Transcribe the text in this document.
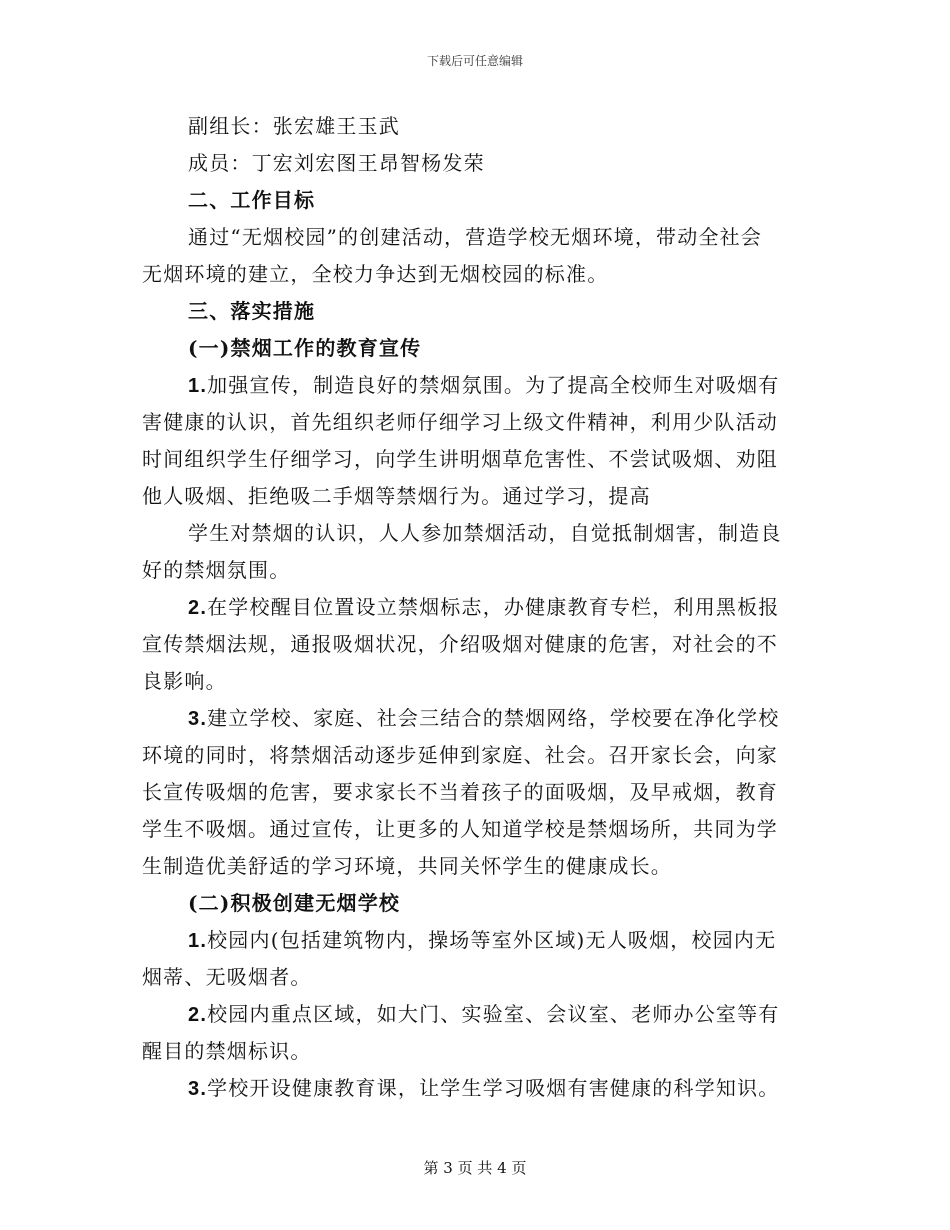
下载后可任意编辑
副组长：张宏雄王玉武
成员：丁宏刘宏图王昂智杨发荣
二、工作目标
通过“无烟校园”的创建活动，营造学校无烟环境，带动全社会
无烟环境的建立，全校力争达到无烟校园的标准。
三、落实措施
(一)禁烟工作的教育宣传
1.加强宣传，制造良好的禁烟氛围。为了提高全校师生对吸烟有
害健康的认识，首先组织老师仔细学习上级文件精神，利用少队活动
时间组织学生仔细学习，向学生讲明烟草危害性、不尝试吸烟、劝阻
他人吸烟、拒绝吸二手烟等禁烟行为。通过学习，提高
学生对禁烟的认识，人人参加禁烟活动，自觉抵制烟害，制造良
好的禁烟氛围。
2.在学校醒目位置设立禁烟标志，办健康教育专栏，利用黑板报
宣传禁烟法规，通报吸烟状况，介绍吸烟对健康的危害，对社会的不
良影响。
3.建立学校、家庭、社会三结合的禁烟网络，学校要在净化学校
环境的同时，将禁烟活动逐步延伸到家庭、社会。召开家长会，向家
长宣传吸烟的危害，要求家长不当着孩子的面吸烟，及早戒烟，教育
学生不吸烟。通过宣传，让更多的人知道学校是禁烟场所，共同为学
生制造优美舒适的学习环境，共同关怀学生的健康成长。
(二)积极创建无烟学校
1.校园内(包括建筑物内，操场等室外区域)无人吸烟，校园内无
烟蒂、无吸烟者。
2.校园内重点区域，如大门、实验室、会议室、老师办公室等有
醒目的禁烟标识。
3.学校开设健康教育课，让学生学习吸烟有害健康的科学知识。
第 3 页 共 4 页
